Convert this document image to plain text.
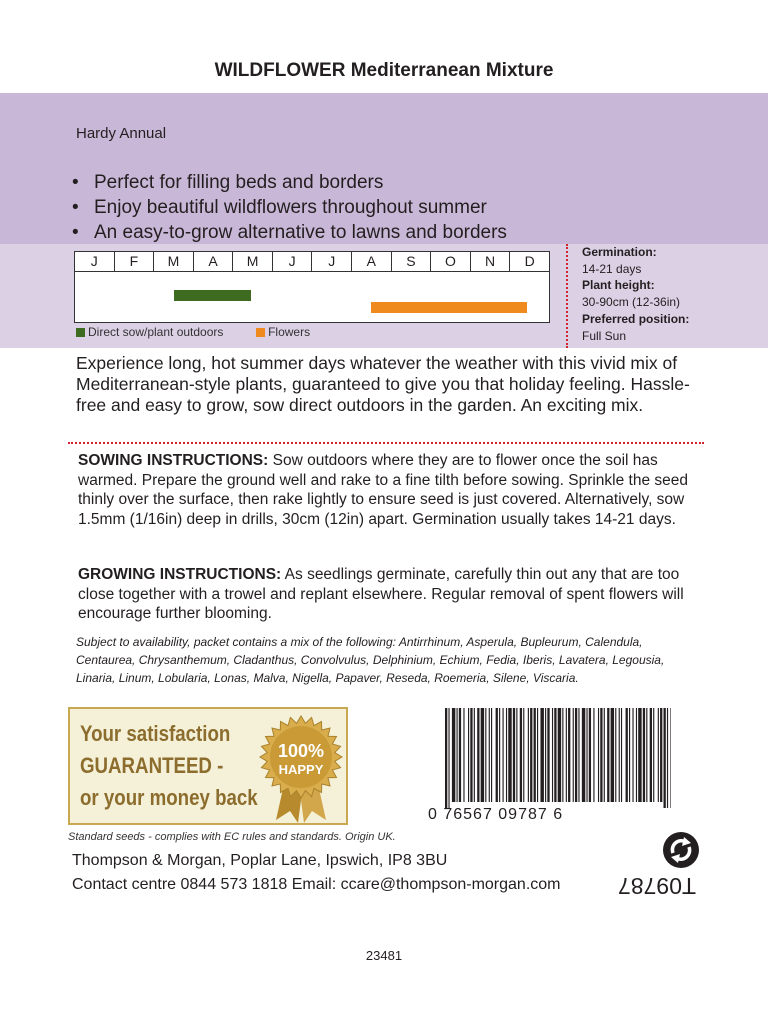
WILDFLOWER Mediterranean Mixture
Hardy Annual
• Perfect for filling beds and borders
• Enjoy beautiful wildflowers throughout summer
• An easy-to-grow alternative to lawns and borders
J	F	M	A	M	J	J	A	S	O	N	D
Direct sow/plant outdoors	Flowers
Germination:
14-21 days
Plant height:
30-90cm (12-36in)
Preferred position:
Full Sun
Experience long, hot summer days whatever the weather with this vivid mix of Mediterranean-style plants, guaranteed to give you that holiday feeling. Hassle-free and easy to grow, sow direct outdoors in the garden. An exciting mix.
SOWING INSTRUCTIONS: Sow outdoors where they are to flower once the soil has warmed. Prepare the ground well and rake to a fine tilth before sowing. Sprinkle the seed thinly over the surface, then rake lightly to ensure seed is just covered. Alternatively, sow 1.5mm (1/16in) deep in drills, 30cm (12in) apart. Germination usually takes 14-21 days.
GROWING INSTRUCTIONS: As seedlings germinate, carefully thin out any that are too close together with a trowel and replant elsewhere. Regular removal of spent flowers will encourage further blooming.
Subject to availability, packet contains a mix of the following: Antirrhinum, Asperula, Bupleurum, Calendula, Centaurea, Chrysanthemum, Cladanthus, Convolvulus, Delphinium, Echium, Fedia, Iberis, Lavatera, Legousia, Linaria, Linum, Lobularia, Lonas, Malva, Nigella, Papaver, Reseda, Roemeria, Silene, Viscaria.
Your satisfaction
GUARANTEED -
or your money back
100%
HAPPY
0 76567 09787 6
Standard seeds - complies with EC rules and standards. Origin UK.
Thompson & Morgan, Poplar Lane, Ipswich, IP8 3BU
Contact centre 0844 573 1818 Email: ccare@thompson-morgan.com	T09787
23481
